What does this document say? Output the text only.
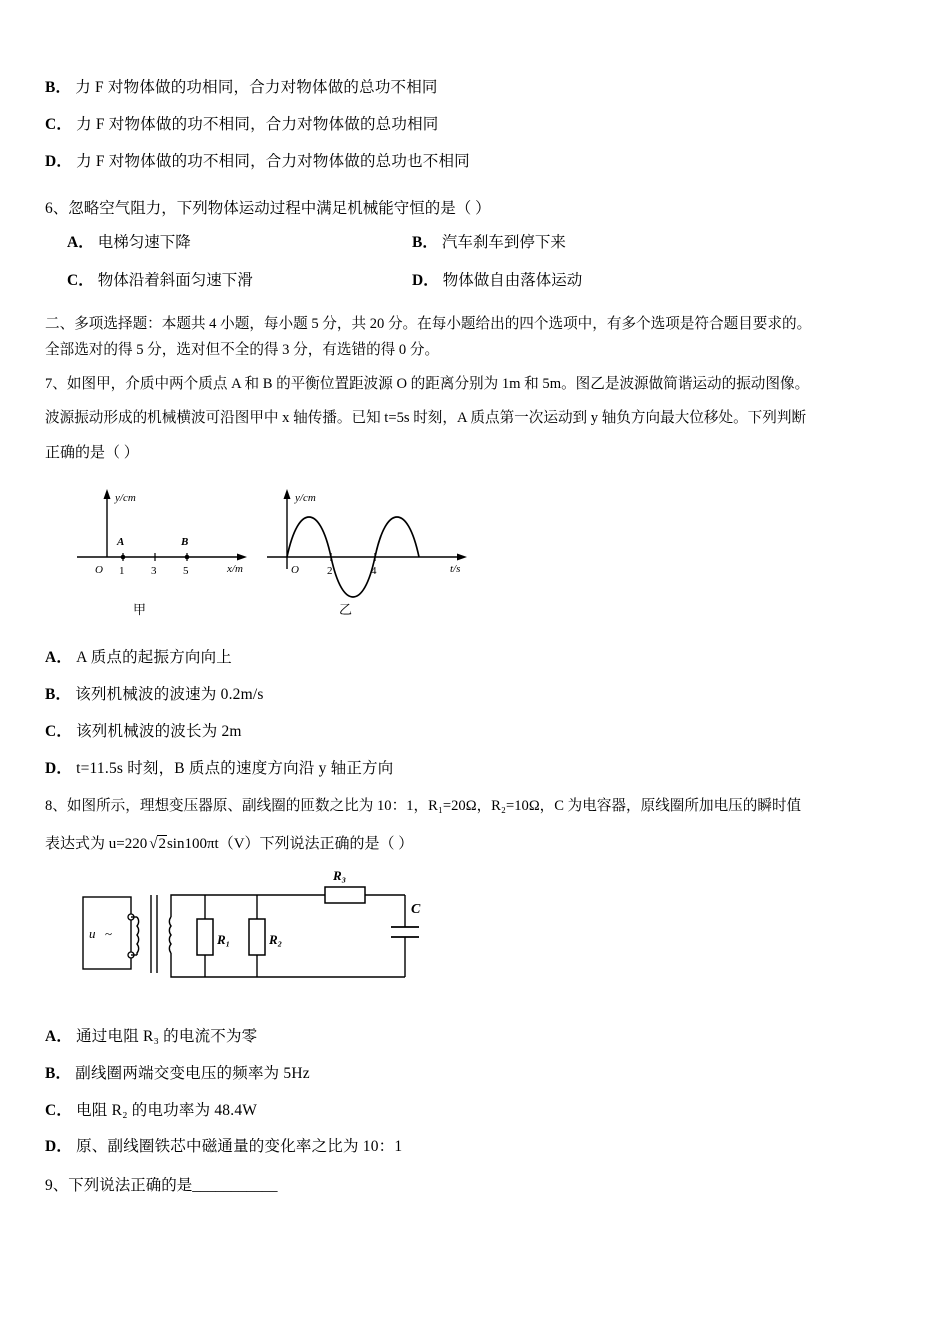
B． 力 F 对物体做的功相同，合力对物体做的总功不相同
C． 力 F 对物体做的功不相同，合力对物体做的总功相同
D． 力 F 对物体做的功不相同，合力对物体做的总功也不相同
6、忽略空气阻力，下列物体运动过程中满足机械能守恒的是（ ）
A． 电梯匀速下降	B． 汽车刹车到停下来
C． 物体沿着斜面匀速下滑	D． 物体做自由落体运动
二、多项选择题：本题共 4 小题，每小题 5 分，共 20 分。在每小题给出的四个选项中，有多个选项是符合题目要求的。
全部选对的得 5 分，选对但不全的得 3 分，有选错的得 0 分。
7、如图甲，介质中两个质点 A 和 B 的平衡位置距波源 O 的距离分别为 1m 和 5m。图乙是波源做简谐运动的振动图像。
波源振动形成的机械横波可沿图甲中 x 轴传播。已知 t=5s 时刻，A 质点第一次运动到 y 轴负方向最大位移处。下列判断
正确的是（ ）
y/cm
x/m
O 1 3 5
A	B
甲
y/cm
t/s
O	2	4
乙
A． A 质点的起振方向向上
B． 该列机械波的波速为 0.2m/s
C． 该列机械波的波长为 2m
D． t=11.5s 时刻，B 质点的速度方向沿 y 轴正方向
8、如图所示，理想变压器原、副线圈的匝数之比为 10：1，R₁=20Ω，R₂=10Ω，C 为电容器，原线圈所加电压的瞬时值
表达式为 u=220 √2sin100πt（V）下列说法正确的是（ ）
u ~	R₁	R₂
R₃
C
A． 通过电阻 R₃ 的电流不为零
B． 副线圈两端交变电压的频率为 5Hz
C． 电阻 R₂ 的电功率为 48.4W
D． 原、副线圈铁芯中磁通量的变化率之比为 10：1
9、下列说法正确的是___________
